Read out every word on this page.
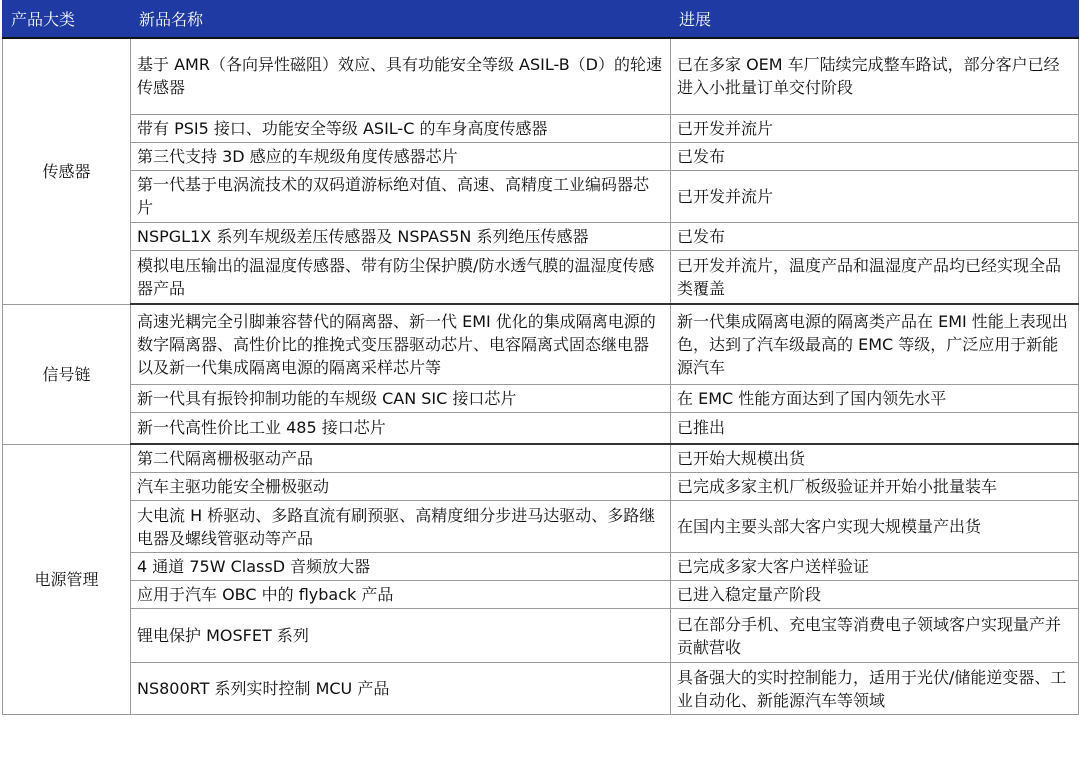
产品大类	新品名称	进展
传感器	基于 AMR（各向异性磁阻）效应、具有功能安全等级 ASIL-B（D）的轮速传感器	已在多家 OEM 车厂陆续完成整车路试，部分客户已经进入小批量订单交付阶段
	带有 PSI5 接口、功能安全等级 ASIL-C 的车身高度传感器	已开发并流片
	第三代支持 3D 感应的车规级角度传感器芯片	已发布
	第一代基于电涡流技术的双码道游标绝对值、高速、高精度工业编码器芯片	已开发并流片
	NSPGL1X 系列车规级差压传感器及 NSPAS5N 系列绝压传感器	已发布
	模拟电压输出的温湿度传感器、带有防尘保护膜/防水透气膜的温湿度传感器产品	已开发并流片，温度产品和温湿度产品均已经实现全品类覆盖
信号链	高速光耦完全引脚兼容替代的隔离器、新一代 EMI 优化的集成隔离电源的数字隔离器、高性价比的推挽式变压器驱动芯片、电容隔离式固态继电器以及新一代集成隔离电源的隔离采样芯片等	新一代集成隔离电源的隔离类产品在 EMI 性能上表现出色，达到了汽车级最高的 EMC 等级，广泛应用于新能源汽车
	新一代具有振铃抑制功能的车规级 CAN SIC 接口芯片	在 EMC 性能方面达到了国内领先水平
	新一代高性价比工业 485 接口芯片	已推出
电源管理	第二代隔离栅极驱动产品	已开始大规模出货
	汽车主驱功能安全栅极驱动	已完成多家主机厂板级验证并开始小批量装车
	大电流 H 桥驱动、多路直流有刷预驱、高精度细分步进马达驱动、多路继电器及螺线管驱动等产品	在国内主要头部大客户实现大规模量产出货
	4 通道 75W ClassD 音频放大器	已完成多家大客户送样验证
	应用于汽车 OBC 中的 flyback 产品	已进入稳定量产阶段
	锂电保护 MOSFET 系列	已在部分手机、充电宝等消费电子领域客户实现量产并贡献营收
	NS800RT 系列实时控制 MCU 产品	具备强大的实时控制能力，适用于光伏/储能逆变器、工业自动化、新能源汽车等领域
